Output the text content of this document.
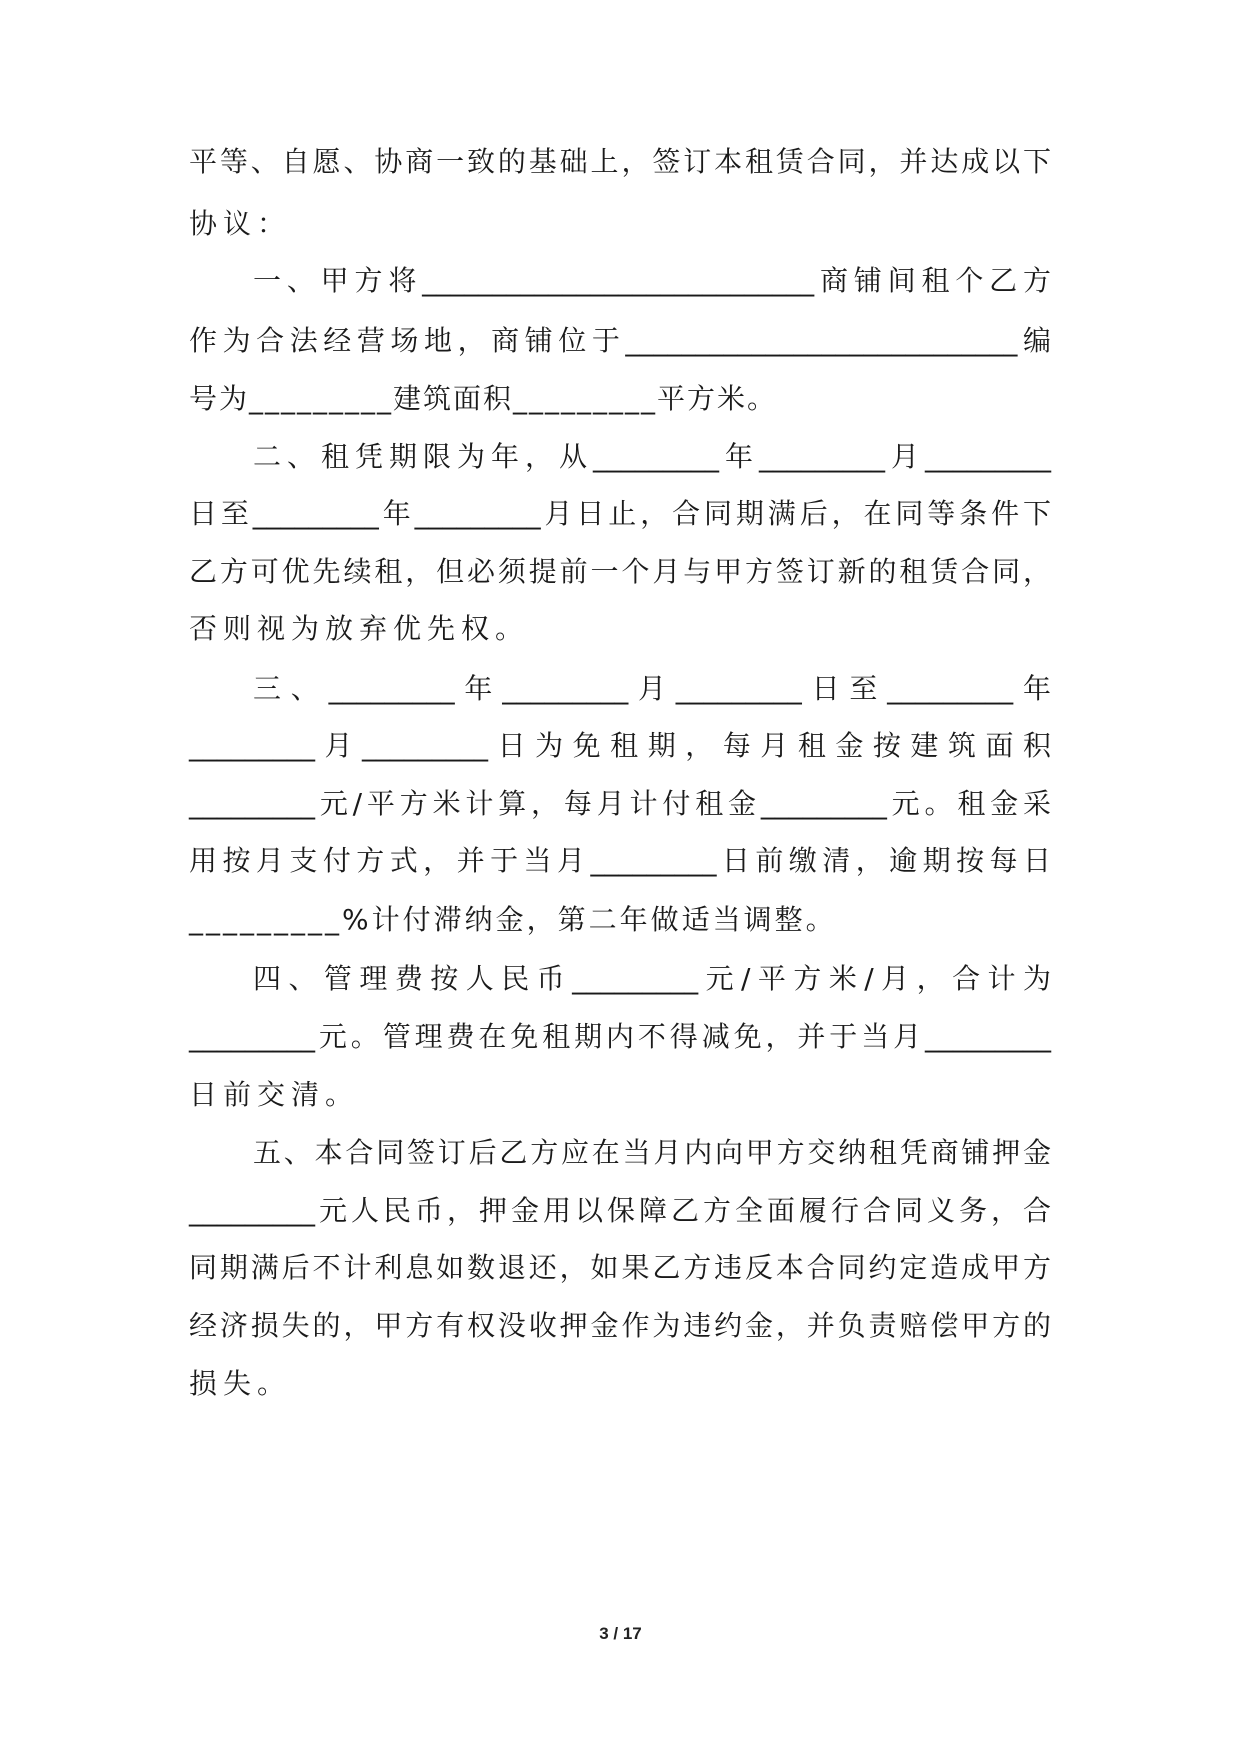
平等、自愿、协商一致的基础上，签订本租赁合同，并达成以下
协议：
一、甲方将____________________________商铺间租个乙方
作为合法经营场地，商铺位于____________________________编
号为_________建筑面积_________平方米。
二、租凭期限为年，从_________年_________月_________
日至_________年_________月日止，合同期满后，在同等条件下
乙方可优先续租，但必须提前一个月与甲方签订新的租赁合同，
否则视为放弃优先权。
三、_________年_________月_________日至_________年
_________月_________日为免租期，每月租金按建筑面积
_________元/平方米计算，每月计付租金_________元。租金采
用按月支付方式，并于当月_________日前缴清，逾期按每日
_________%计付滞纳金，第二年做适当调整。
四、管理费按人民币_________元/平方米/月，合计为
_________元。管理费在免租期内不得减免，并于当月_________
日前交清。
五、本合同签订后乙方应在当月内向甲方交纳租凭商铺押金
_________元人民币，押金用以保障乙方全面履行合同义务，合
同期满后不计利息如数退还，如果乙方违反本合同约定造成甲方
经济损失的，甲方有权没收押金作为违约金，并负责赔偿甲方的
损失。
3 / 17
